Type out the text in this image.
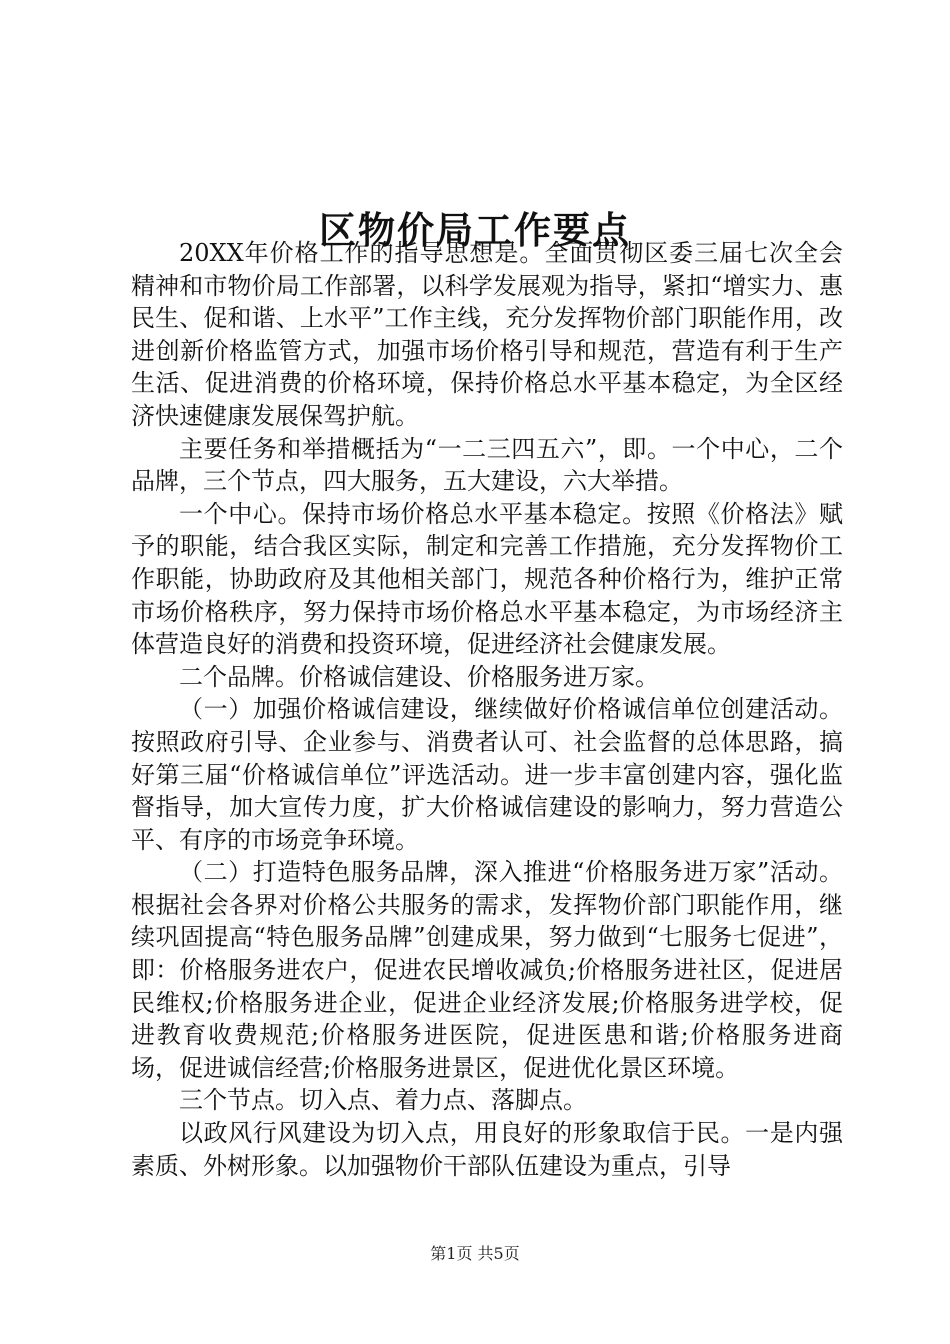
区物价局工作要点

20XX年价格工作的指导思想是。全面贯彻区委三届七次全会精神和市物价局工作部署，以科学发展观为指导，紧扣“增实力、惠民生、促和谐、上水平”工作主线，充分发挥物价部门职能作用，改进创新价格监管方式，加强市场价格引导和规范，营造有利于生产生活、促进消费的价格环境，保持价格总水平基本稳定，为全区经济快速健康发展保驾护航。

主要任务和举措概括为“一二三四五六”，即。一个中心，二个品牌，三个节点，四大服务，五大建设，六大举措。

一个中心。保持市场价格总水平基本稳定。按照《价格法》赋予的职能，结合我区实际，制定和完善工作措施，充分发挥物价工作职能，协助政府及其他相关部门，规范各种价格行为，维护正常市场价格秩序，努力保持市场价格总水平基本稳定，为市场经济主体营造良好的消费和投资环境，促进经济社会健康发展。

二个品牌。价格诚信建设、价格服务进万家。

（一）加强价格诚信建设，继续做好价格诚信单位创建活动。按照政府引导、企业参与、消费者认可、社会监督的总体思路，搞好第三届“价格诚信单位”评选活动。进一步丰富创建内容，强化监督指导，加大宣传力度，扩大价格诚信建设的影响力，努力营造公平、有序的市场竞争环境。

（二）打造特色服务品牌，深入推进“价格服务进万家”活动。根据社会各界对价格公共服务的需求，发挥物价部门职能作用，继续巩固提高“特色服务品牌”创建成果，努力做到“七服务七促进”，即：价格服务进农户，促进农民增收减负;价格服务进社区，促进居民维权;价格服务进企业，促进企业经济发展;价格服务进学校，促进教育收费规范;价格服务进医院，促进医患和谐;价格服务进商场，促进诚信经营;价格服务进景区，促进优化景区环境。

三个节点。切入点、着力点、落脚点。

以政风行风建设为切入点，用良好的形象取信于民。一是内强素质、外树形象。以加强物价干部队伍建设为重点，引导

第1页 共5页
